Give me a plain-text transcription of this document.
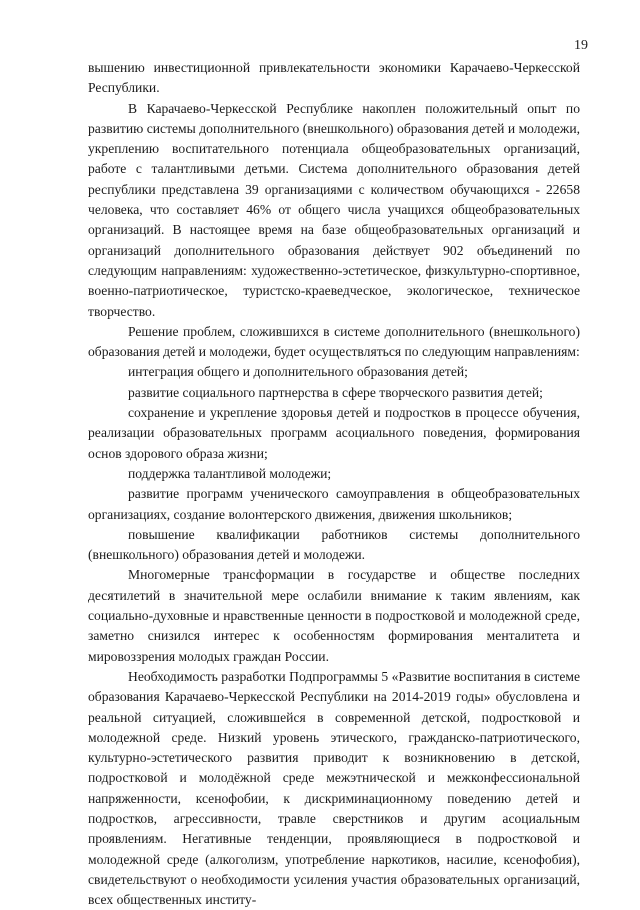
19

вышению инвестиционной привлекательности экономики Карачаево-Черкесской Республики.

В Карачаево-Черкесской Республике накоплен положительный опыт по развитию системы дополнительного (внешкольного) образования детей и молодежи, укреплению воспитательного потенциала общеобразовательных организаций, работе с талантливыми детьми. Система дополнительного образования детей республики представлена 39 организациями с количеством обучающихся - 22658 человека, что составляет 46% от общего числа учащихся общеобразовательных организаций. В настоящее время на базе общеобразовательных организаций и организаций дополнительного образования действует 902 объединений по следующим направлениям: художественно-эстетическое, физкультурно-спортивное, военно-патриотическое, туристско-краеведческое, экологическое, техническое творчество.

Решение проблем, сложившихся в системе дополнительного (внешкольного) образования детей и молодежи, будет осуществляться по следующим направлениям:

интеграция общего и дополнительного образования детей;

развитие социального партнерства в сфере творческого развития детей;

сохранение и укрепление здоровья детей и подростков в процессе обучения, реализации образовательных программ асоциального поведения, формирования основ здорового образа жизни;

поддержка талантливой молодежи;

развитие программ ученического самоуправления в общеобразовательных организациях, создание волонтерского движения, движения школьников;

повышение квалификации работников системы дополнительного (внешкольного) образования детей и молодежи.

Многомерные трансформации в государстве и обществе последних десятилетий в значительной мере ослабили внимание к таким явлениям, как социально-духовные и нравственные ценности в подростковой и молодежной среде, заметно снизился интерес к особенностям формирования менталитета и мировоззрения молодых граждан России.

Необходимость разработки Подпрограммы 5 «Развитие воспитания в системе образования Карачаево-Черкесской Республики на 2014-2019 годы» обусловлена и реальной ситуацией, сложившейся в современной детской, подростковой и молодежной среде. Низкий уровень этического, гражданско-патриотического, культурно-эстетического развития приводит к возникновению в детской, подростковой и молодёжной среде межэтнической и межконфессиональной напряженности, ксенофобии, к дискриминационному поведению детей и подростков, агрессивности, травле сверстников и другим асоциальным проявлениям. Негативные тенденции, проявляющиеся в подростковой и молодежной среде (алкоголизм, употребление наркотиков, насилие, ксенофобия), свидетельствуют о необходимости усиления участия образовательных организаций, всех общественных институ-
